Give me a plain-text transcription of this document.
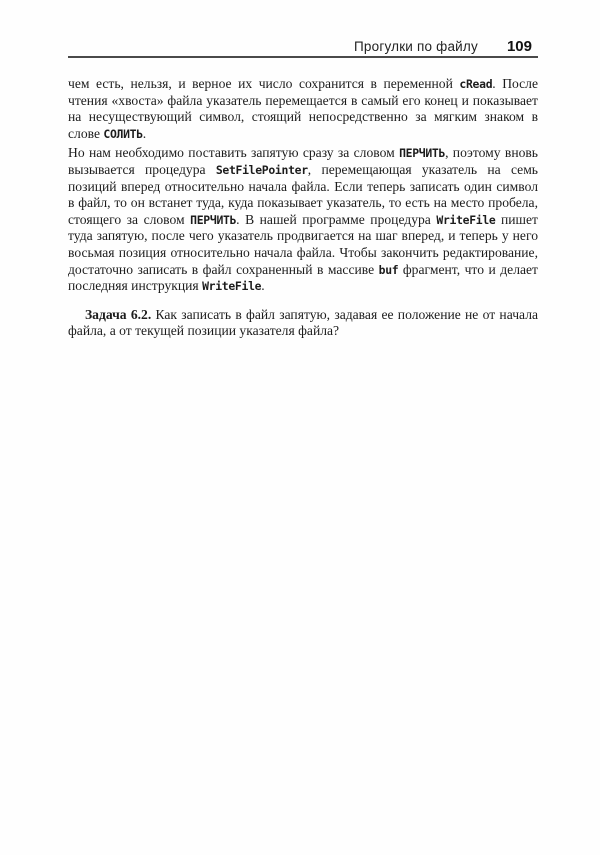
Прогулки по файлу 109

чем есть, нельзя, и верное их число сохранится в переменной cRead. После чтения «хвоста» файла указатель перемещается в самый его конец и показывает на несуществующий символ, стоящий непосредственно за мягким знаком в слове СОЛИТЬ.

Но нам необходимо поставить запятую сразу за словом ПЕРЧИТЬ, поэтому вновь вызывается процедура SetFilePointer, перемещающая указатель на семь позиций вперед относительно начала файла. Если теперь записать один символ в файл, то он встанет туда, куда показывает указатель, то есть на место пробела, стоящего за словом ПЕРЧИТЬ. В нашей программе процедура WriteFile пишет туда запятую, после чего указатель продвигается на шаг вперед, и теперь у него восьмая позиция относительно начала файла. Чтобы закончить редактирование, достаточно записать в файл сохраненный в массиве buf фрагмент, что и делает последняя инструкция WriteFile.

Задача 6.2. Как записать в файл запятую, задавая ее положение не от начала файла, а от текущей позиции указателя файла?
